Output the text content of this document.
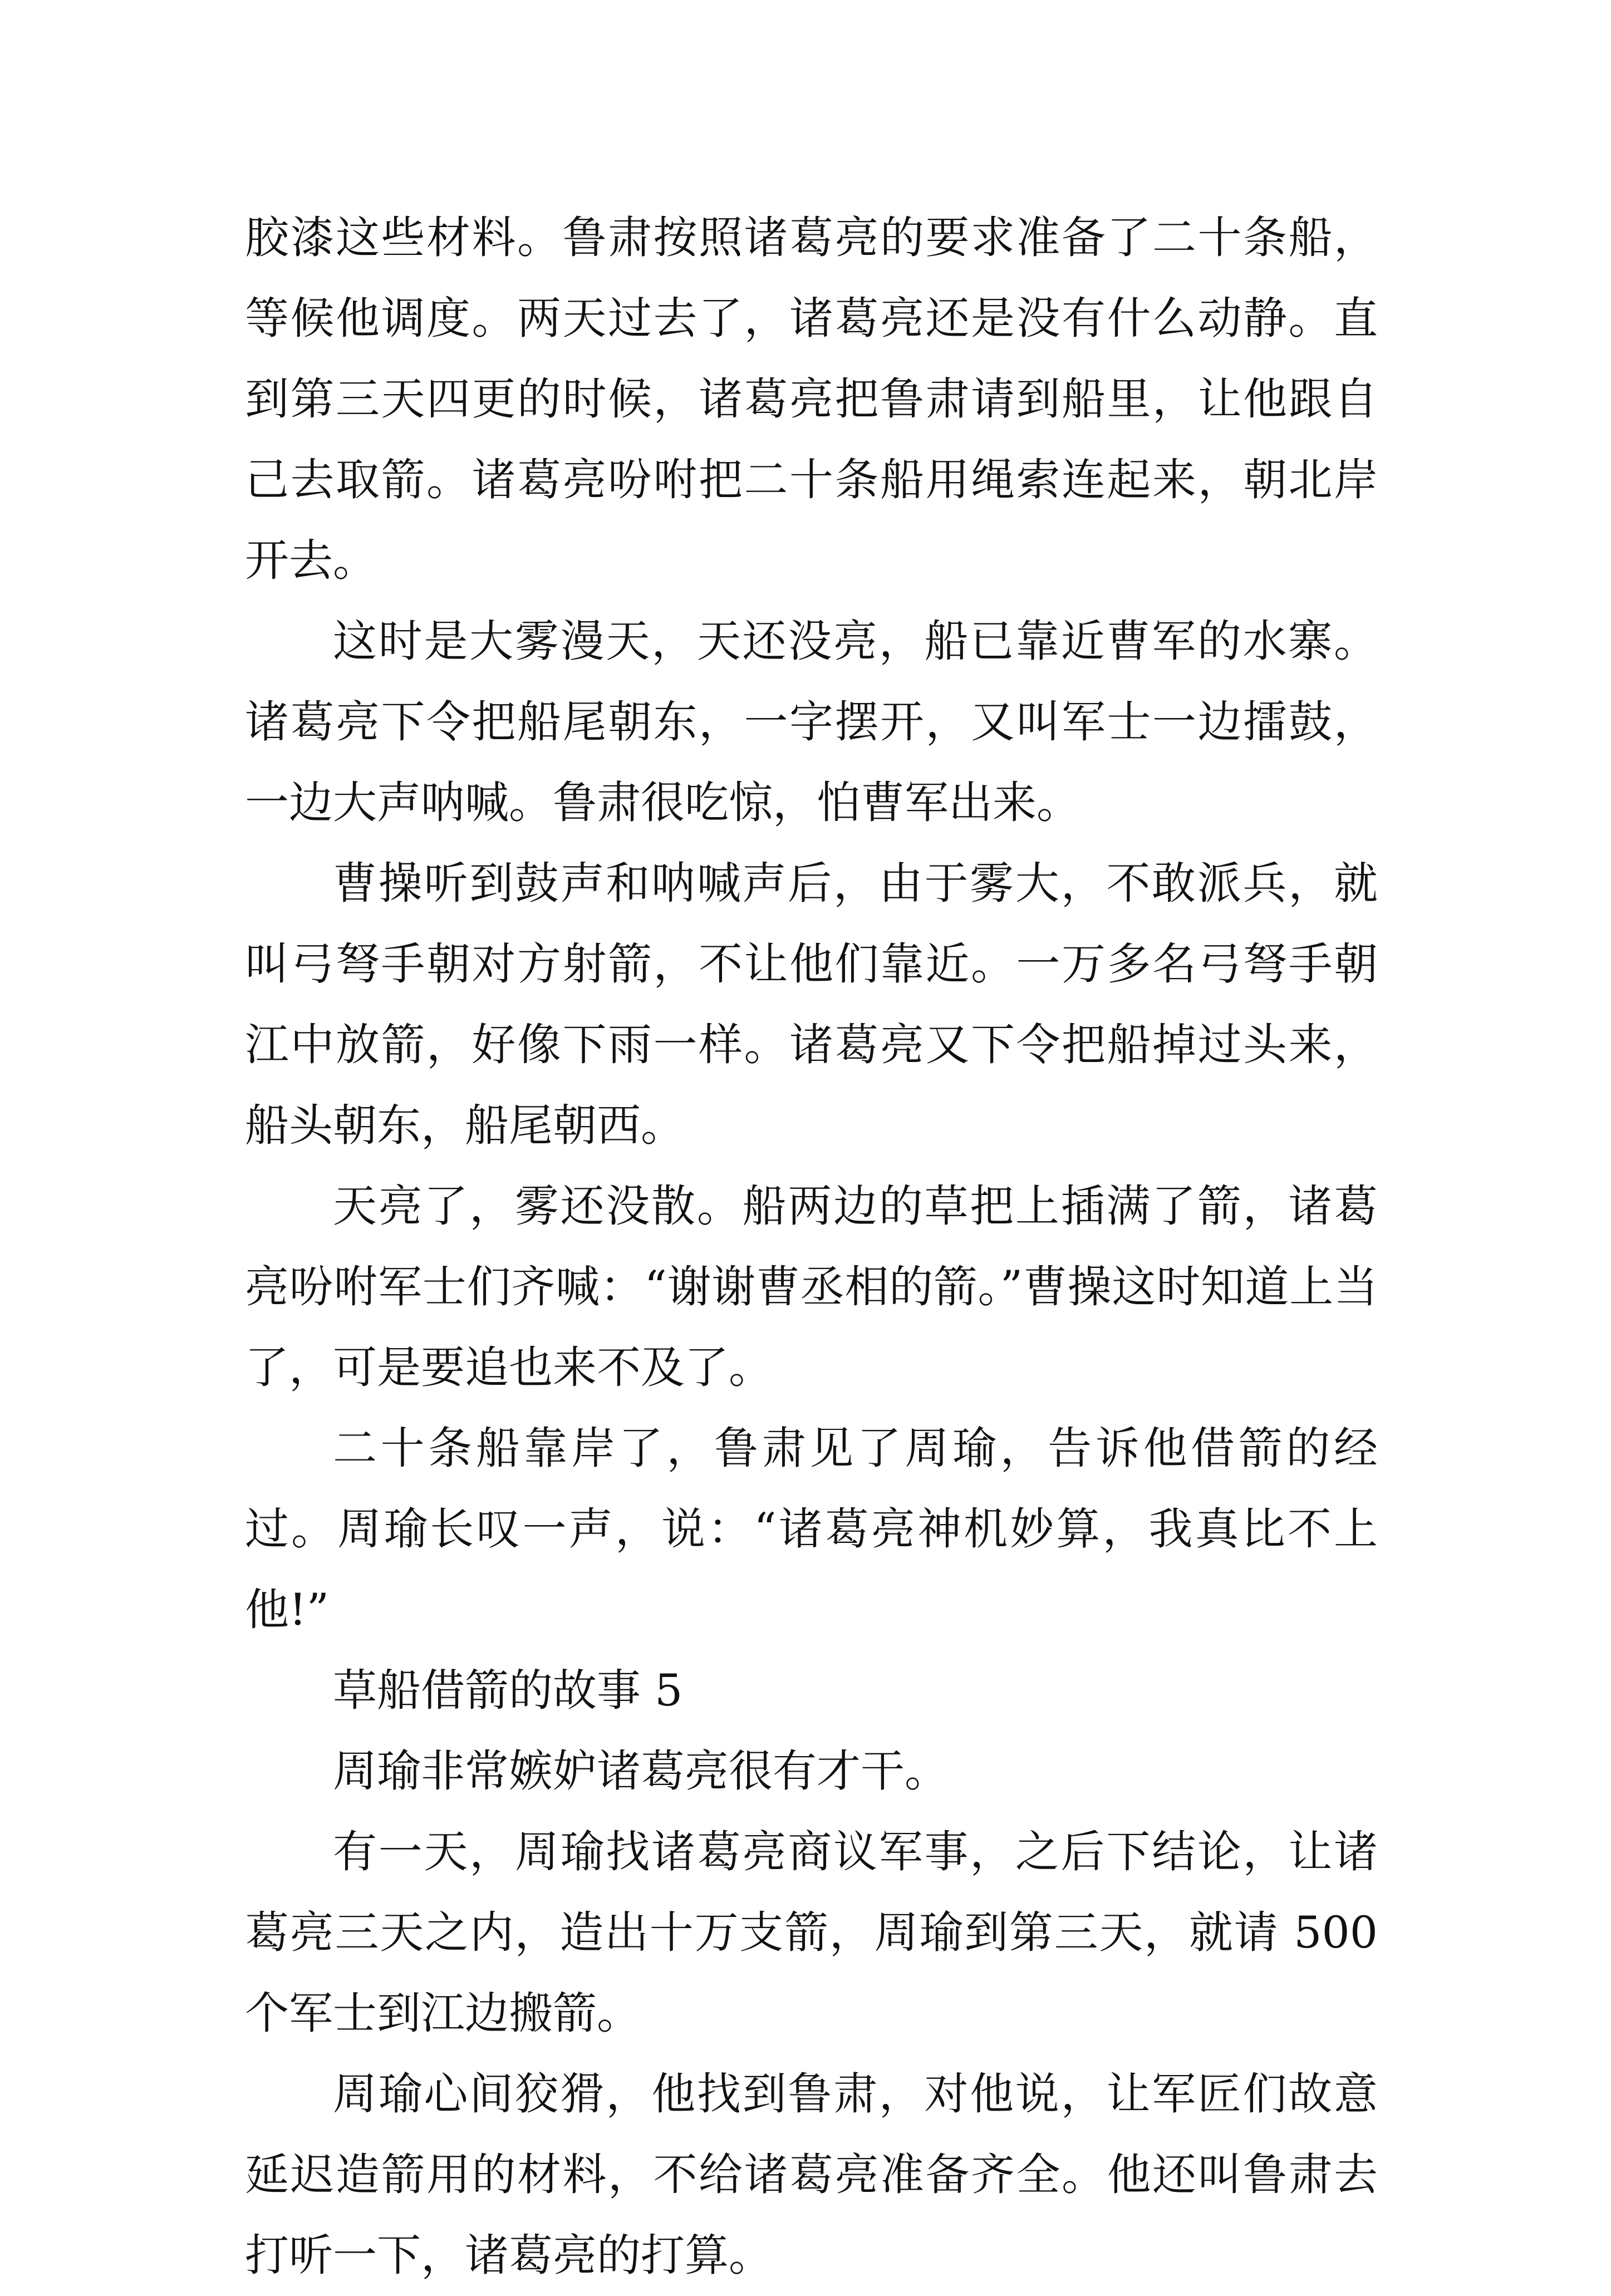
胶漆这些材料。鲁肃按照诸葛亮的要求准备了二十条船，等候他调度。两天过去了，诸葛亮还是没有什么动静。直到第三天四更的时候，诸葛亮把鲁肃请到船里，让他跟自己去取箭。诸葛亮吩咐把二十条船用绳索连起来，朝北岸开去。

这时是大雾漫天，天还没亮，船已靠近曹军的水寨。诸葛亮下令把船尾朝东，一字摆开，又叫军士一边擂鼓，一边大声呐喊。鲁肃很吃惊，怕曹军出来。

曹操听到鼓声和呐喊声后，由于雾大，不敢派兵，就叫弓弩手朝对方射箭，不让他们靠近。一万多名弓弩手朝江中放箭，好像下雨一样。诸葛亮又下令把船掉过头来，船头朝东，船尾朝西。

天亮了，雾还没散。船两边的草把上插满了箭，诸葛亮吩咐军士们齐喊：“谢谢曹丞相的箭。”曹操这时知道上当了，可是要追也来不及了。

二十条船靠岸了，鲁肃见了周瑜，告诉他借箭的经过。周瑜长叹一声，说：“诸葛亮神机妙算，我真比不上他!”

草船借箭的故事 5

周瑜非常嫉妒诸葛亮很有才干。

有一天，周瑜找诸葛亮商议军事，之后下结论，让诸葛亮三天之内，造出十万支箭，周瑜到第三天，就请 500 个军士到江边搬箭。

周瑜心间狡猾，他找到鲁肃，对他说，让军匠们故意延迟造箭用的材料，不给诸葛亮准备齐全。他还叫鲁肃去打听一下，诸葛亮的打算。
